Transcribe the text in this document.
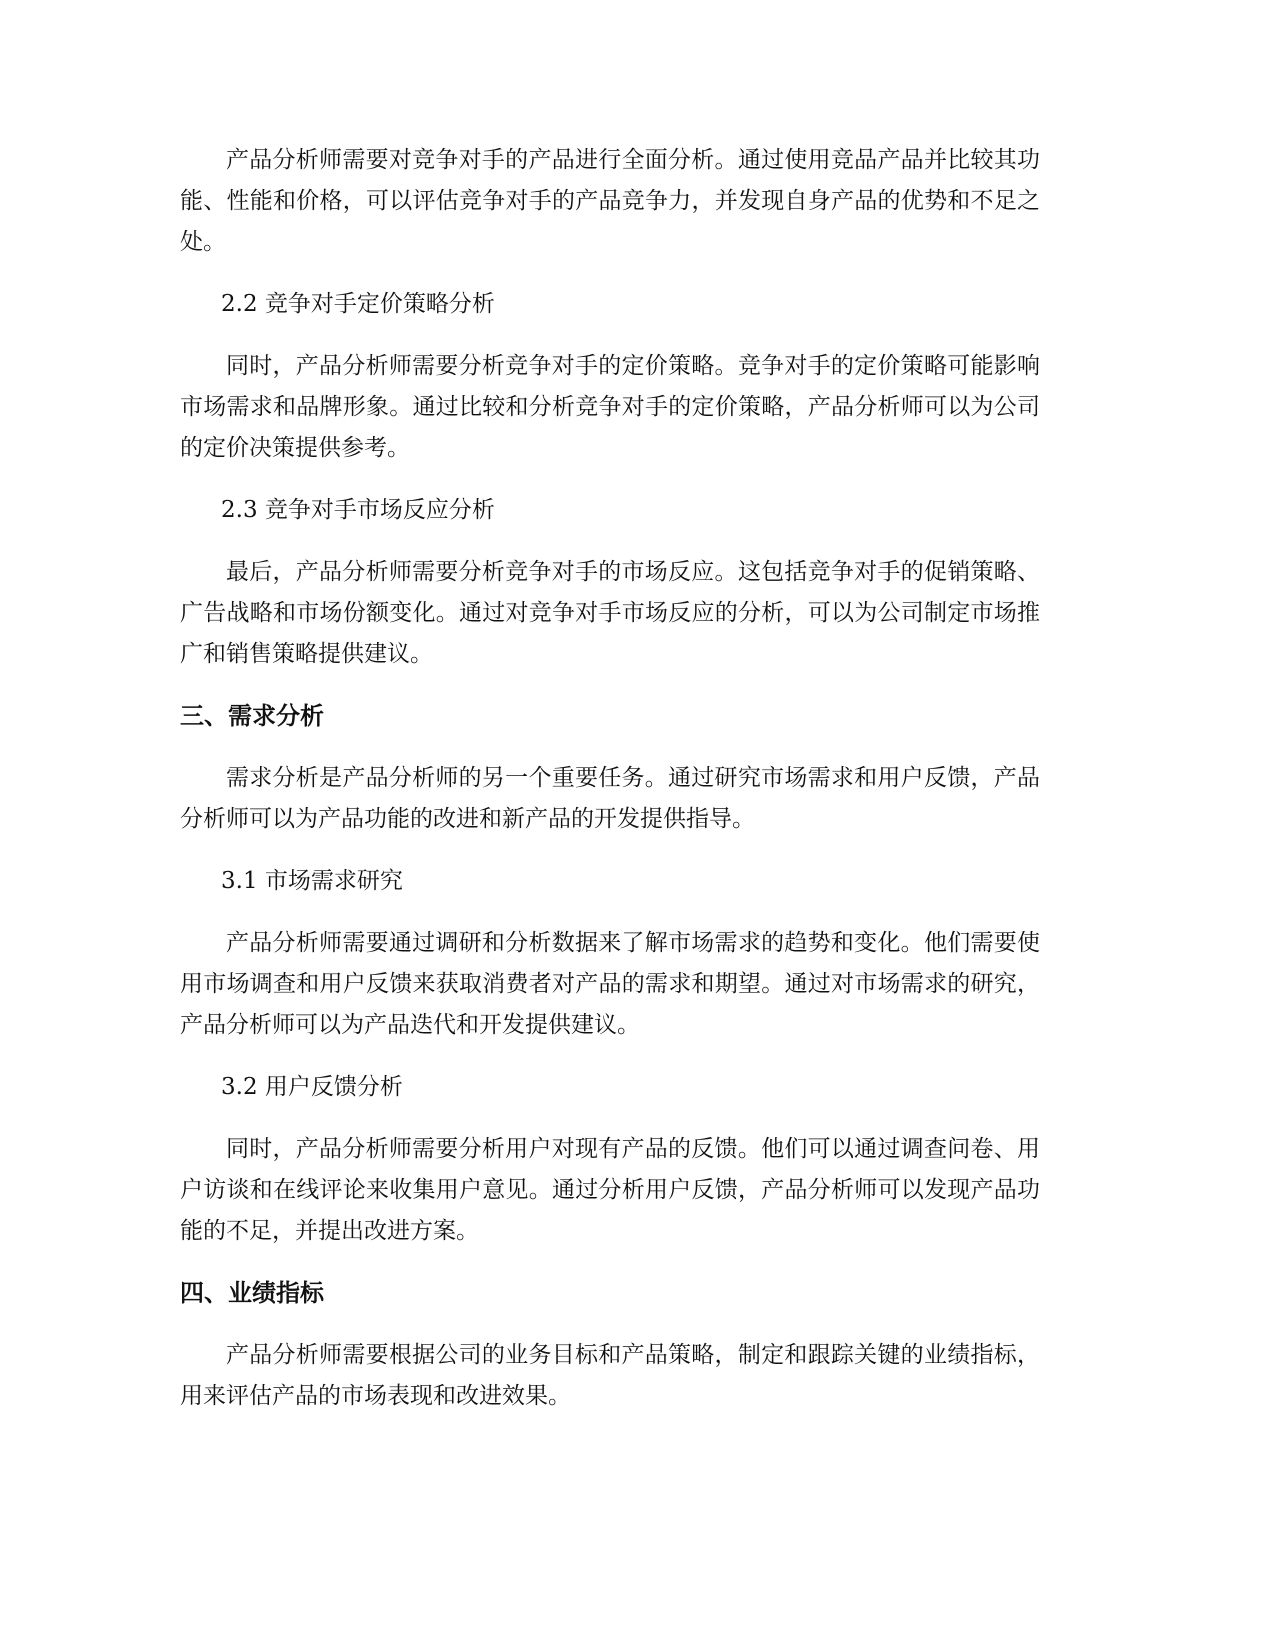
产品分析师需要对竞争对手的产品进行全面分析。通过使用竞品产品并比较其功能、性能和价格，可以评估竞争对手的产品竞争力，并发现自身产品的优势和不足之处。

2.2 竞争对手定价策略分析

同时，产品分析师需要分析竞争对手的定价策略。竞争对手的定价策略可能影响市场需求和品牌形象。通过比较和分析竞争对手的定价策略，产品分析师可以为公司的定价决策提供参考。

2.3 竞争对手市场反应分析

最后，产品分析师需要分析竞争对手的市场反应。这包括竞争对手的促销策略、广告战略和市场份额变化。通过对竞争对手市场反应的分析，可以为公司制定市场推广和销售策略提供建议。

三、需求分析

需求分析是产品分析师的另一个重要任务。通过研究市场需求和用户反馈，产品分析师可以为产品功能的改进和新产品的开发提供指导。

3.1 市场需求研究

产品分析师需要通过调研和分析数据来了解市场需求的趋势和变化。他们需要使用市场调查和用户反馈来获取消费者对产品的需求和期望。通过对市场需求的研究，产品分析师可以为产品迭代和开发提供建议。

3.2 用户反馈分析

同时，产品分析师需要分析用户对现有产品的反馈。他们可以通过调查问卷、用户访谈和在线评论来收集用户意见。通过分析用户反馈，产品分析师可以发现产品功能的不足，并提出改进方案。

四、业绩指标

产品分析师需要根据公司的业务目标和产品策略，制定和跟踪关键的业绩指标，用来评估产品的市场表现和改进效果。
